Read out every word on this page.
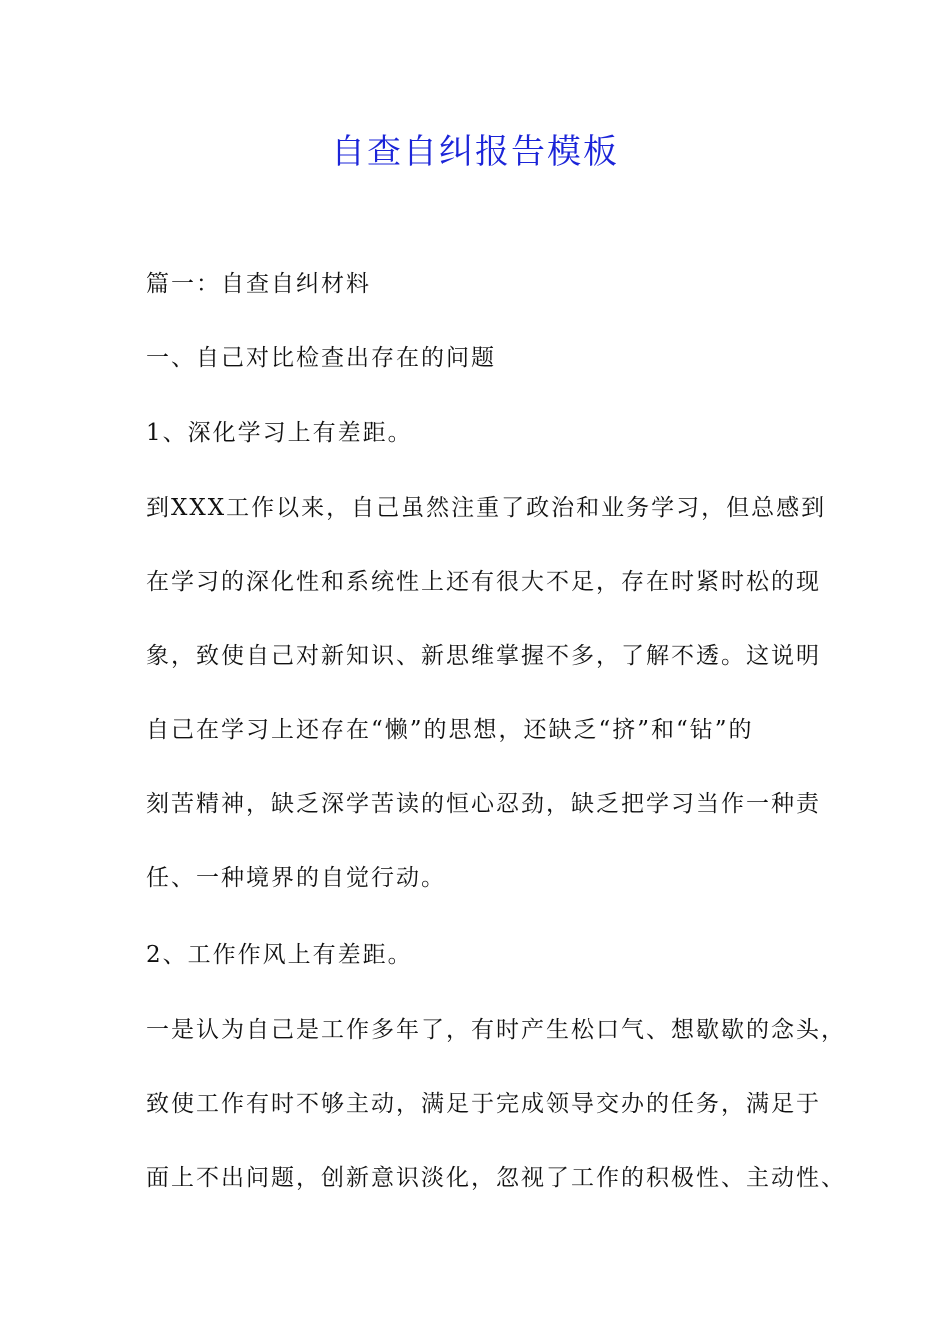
自查自纠报告模板

篇一：自查自纠材料

一、自己对比检查出存在的问题

1、深化学习上有差距。

到XXX工作以来，自己虽然注重了政治和业务学习，但总感到
在学习的深化性和系统性上还有很大不足，存在时紧时松的现
象，致使自己对新知识、新思维掌握不多，了解不透。这说明
自己在学习上还存在“懒”的思想，还缺乏“挤”和“钻”的
刻苦精神，缺乏深学苦读的恒心忍劲，缺乏把学习当作一种责
任、一种境界的自觉行动。

2、工作作风上有差距。

一是认为自己是工作多年了，有时产生松口气、想歇歇的念头，
致使工作有时不够主动，满足于完成领导交办的任务，满足于
面上不出问题，创新意识淡化，忽视了工作的积极性、主动性、
